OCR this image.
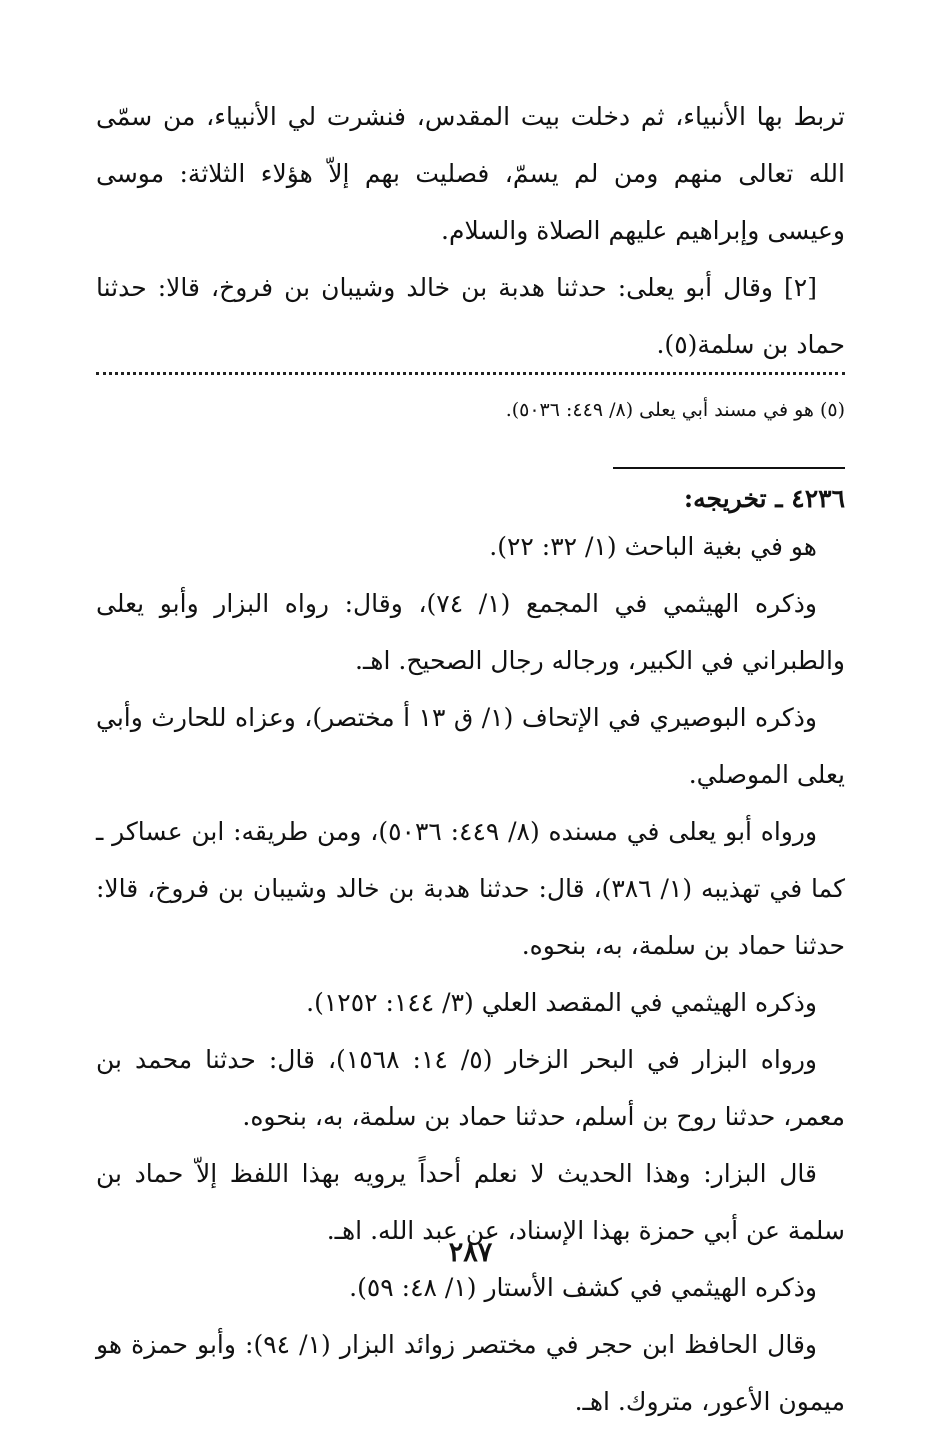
تربط بها الأنبياء، ثم دخلت بيت المقدس، فنشرت لي الأنبياء، من سمّى الله تعالى منهم ومن لم يسمّ، فصليت بهم إلاّ هؤلاء الثلاثة: موسى وعيسى وإبراهيم عليهم الصلاة والسلام.

[٢] وقال أبو يعلى: حدثنا هدبة بن خالد وشيبان بن فروخ، قالا: حدثنا حماد بن سلمة(٥).

(٥) هو في مسند أبي يعلى (٨/ ٤٤٩: ٥٠٣٦).

٤٢٣٦ ـ تخريجه:

هو في بغية الباحث (١/ ٣٢: ٢٢).

وذكره الهيثمي في المجمع (١/ ٧٤)، وقال: رواه البزار وأبو يعلى والطبراني في الكبير، ورجاله رجال الصحيح. اهـ.

وذكره البوصيري في الإتحاف (١/ ق ١٣ أ مختصر)، وعزاه للحارث وأبي يعلى الموصلي.

ورواه أبو يعلى في مسنده (٨/ ٤٤٩: ٥٠٣٦)، ومن طريقه: ابن عساكر ـ كما في تهذيبه (١/ ٣٨٦)، قال: حدثنا هدبة بن خالد وشيبان بن فروخ، قالا: حدثنا حماد بن سلمة، به، بنحوه.

وذكره الهيثمي في المقصد العلي (٣/ ١٤٤: ١٢٥٢).

ورواه البزار في البحر الزخار (٥/ ١٤: ١٥٦٨)، قال: حدثنا محمد بن معمر، حدثنا روح بن أسلم، حدثنا حماد بن سلمة، به، بنحوه.

قال البزار: وهذا الحديث لا نعلم أحداً يرويه بهذا اللفظ إلاّ حماد بن سلمة عن أبي حمزة بهذا الإسناد، عن عبد الله. اهـ.

وذكره الهيثمي في كشف الأستار (١/ ٤٨: ٥٩).

وقال الحافظ ابن حجر في مختصر زوائد البزار (١/ ٩٤): وأبو حمزة هو ميمون الأعور، متروك. اهـ.

٢٨٧
